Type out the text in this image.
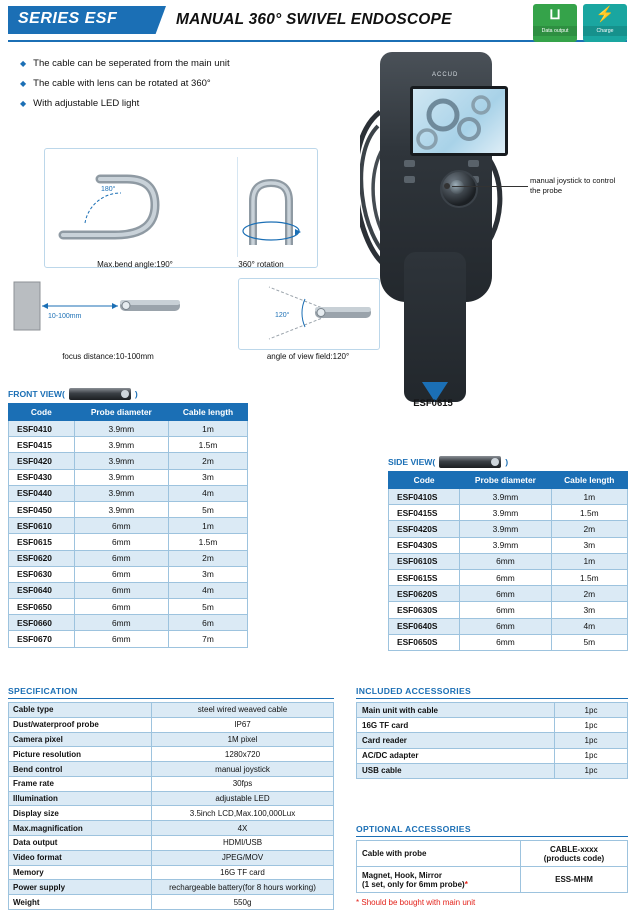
SERIES ESF	MANUAL 360° SWIVEL ENDOSCOPE	⊔
Data output
⚡
Charge
◆ The cable can be seperated from the main unit
◆ The cable with lens can be rotated at 360°
◆ With adjustable LED light
180°
Max.bend angle:190°	360° rotation
10-100mm
focus distance:10-100mm
120°
angle of view field:120°
ACCUD
manual joystick to control the probe
ESF0615
FRONT VIEW(	)
Code	Probe diameter	Cable length
ESF0410	3.9mm	1m
ESF0415	3.9mm	1.5m
ESF0420	3.9mm	2m
ESF0430	3.9mm	3m
ESF0440	3.9mm	4m
ESF0450	3.9mm	5m
ESF0610	6mm	1m
ESF0615	6mm	1.5m
ESF0620	6mm	2m
ESF0630	6mm	3m
ESF0640	6mm	4m
ESF0650	6mm	5m
ESF0660	6mm	6m
ESF0670	6mm	7m
SIDE VIEW(	)
Code	Probe diameter	Cable length
ESF0410S	3.9mm	1m
ESF0415S	3.9mm	1.5m
ESF0420S	3.9mm	2m
ESF0430S	3.9mm	3m
ESF0610S	6mm	1m
ESF0615S	6mm	1.5m
ESF0620S	6mm	2m
ESF0630S	6mm	3m
ESF0640S	6mm	4m
ESF0650S	6mm	5m
SPECIFICATION
Cable type	steel wired weaved cable
Dust/waterproof probe	IP67
Camera pixel	1M pixel
Picture resolution	1280x720
Bend control	manual joystick
Frame rate	30fps
Illumination	adjustable LED
Display size	3.5inch LCD,Max.100,000Lux
Max.magnification	4X
Data output	HDMI/USB
Video format	JPEG/MOV
Memory	16G TF card
Power supply	rechargeable battery(for 8 hours working)
Weight	550g
INCLUDED ACCESSORIES
Main unit with cable	1pc
16G TF card	1pc
Card reader	1pc
AC/DC adapter	1pc
USB cable	1pc
OPTIONAL ACCESSORIES
Cable with probe	CABLE-xxxx
(products code)

Magnet, Hook, Mirror
(1 set, only for 6mm probe)*	ESS-MHM
* Should be bought with main unit
